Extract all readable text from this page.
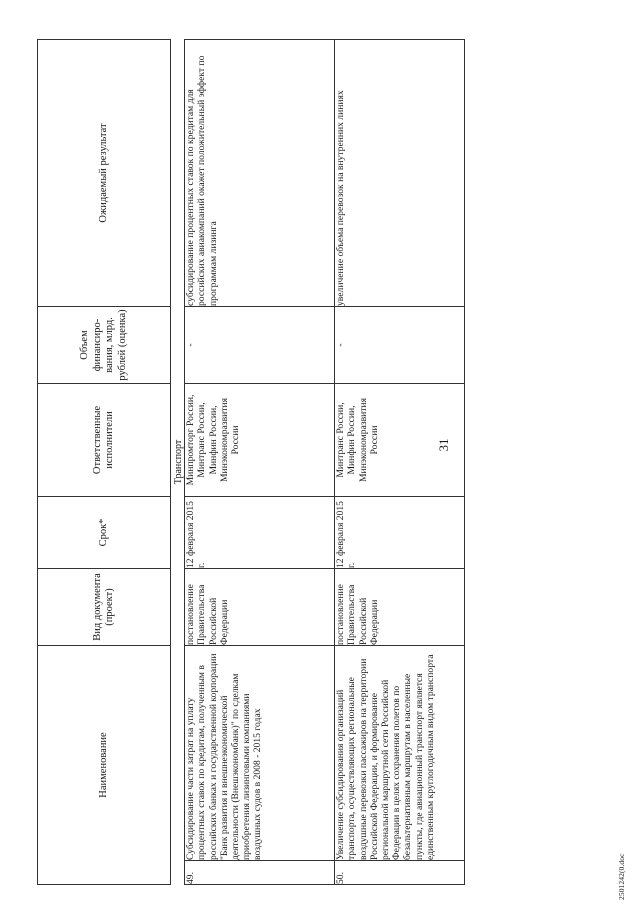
31
Наименование		Вид документа (проект)	Срок*	Ответственные исполнители	Объем финансиро-вания, млрд. рублей (оценка)	Ожидаемый результат
Транспорт						
49.	Субсидирование части затрат на уплату процентных ставок по кредитам, полученным в российских банках и государственной корпорации "Банк развития и внешнеэкономической деятельности (Внешэкономбанк)" по сделкам приобретения лизинговыми компаниями воздушных судов в 2008 - 2015 годах	постановление Правительства Российской Федерации	12 февраля 2015 г.	Минпромторг России, Минтранс России, Минфин России, Минэкономразвития России	-	субсидирование процентных ставок по кредитам для российских авиакомпаний окажет положительный эффект по программам лизинга
50.	Увеличение субсидирования организаций транспорта, осуществляющих региональные воздушные перевозки пассажиров на территории Российской Федерации, и формирование региональной маршрутной сети Российской Федерации в целях сохранения полетов по безальтернативным маршрутам в населенные пункты, где авиационный транспорт является единственным круглогодичным видом транспорта	постановление Правительства Российской Федерации	12 февраля 2015 г.	Минтранс России, Минфин России, Минэкономразвития России	-	увеличение объема перевозок на внутренних линиях
2501242(0.doc
